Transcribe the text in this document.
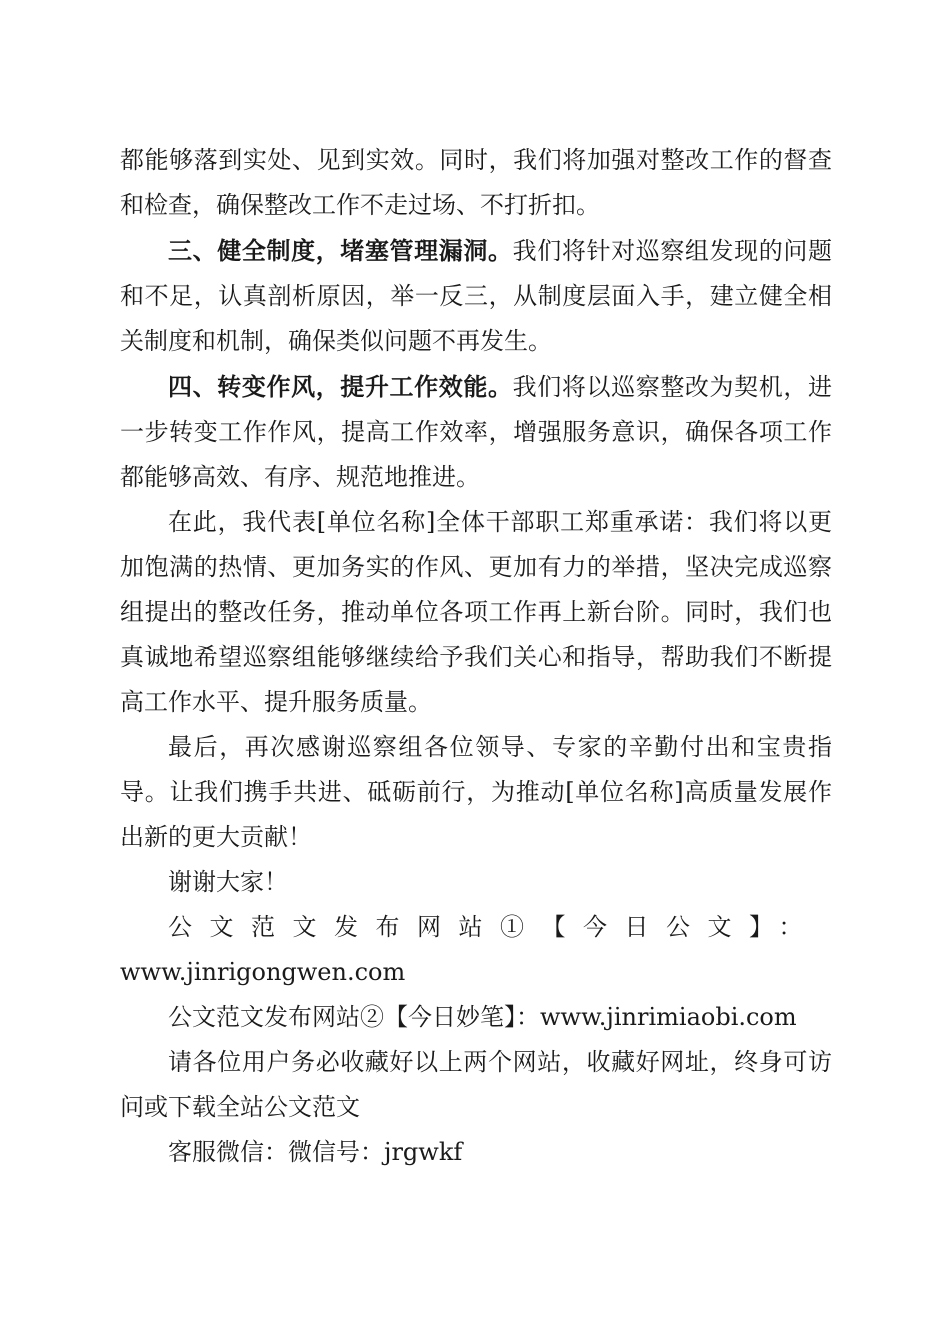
都能够落到实处、见到实效。同时，我们将加强对整改工作的督查和检查，确保整改工作不走过场、不打折扣。

三、健全制度，堵塞管理漏洞。我们将针对巡察组发现的问题和不足，认真剖析原因，举一反三，从制度层面入手，建立健全相关制度和机制，确保类似问题不再发生。

四、转变作风，提升工作效能。我们将以巡察整改为契机，进一步转变工作作风，提高工作效率，增强服务意识，确保各项工作都能够高效、有序、规范地推进。

在此，我代表[单位名称]全体干部职工郑重承诺：我们将以更加饱满的热情、更加务实的作风、更加有力的举措，坚决完成巡察组提出的整改任务，推动单位各项工作再上新台阶。同时，我们也真诚地希望巡察组能够继续给予我们关心和指导，帮助我们不断提高工作水平、提升服务质量。

最后，再次感谢巡察组各位领导、专家的辛勤付出和宝贵指导。让我们携手共进、砥砺前行，为推动[单位名称]高质量发展作出新的更大贡献！

谢谢大家！

公文范文发布网站①【今日公文】：www.jinrigongwen.com

公文范文发布网站②【今日妙笔】：www.jinrimiaobi.com

请各位用户务必收藏好以上两个网站，收藏好网址，终身可访问或下载全站公文范文

客服微信：微信号：jrgwkf
